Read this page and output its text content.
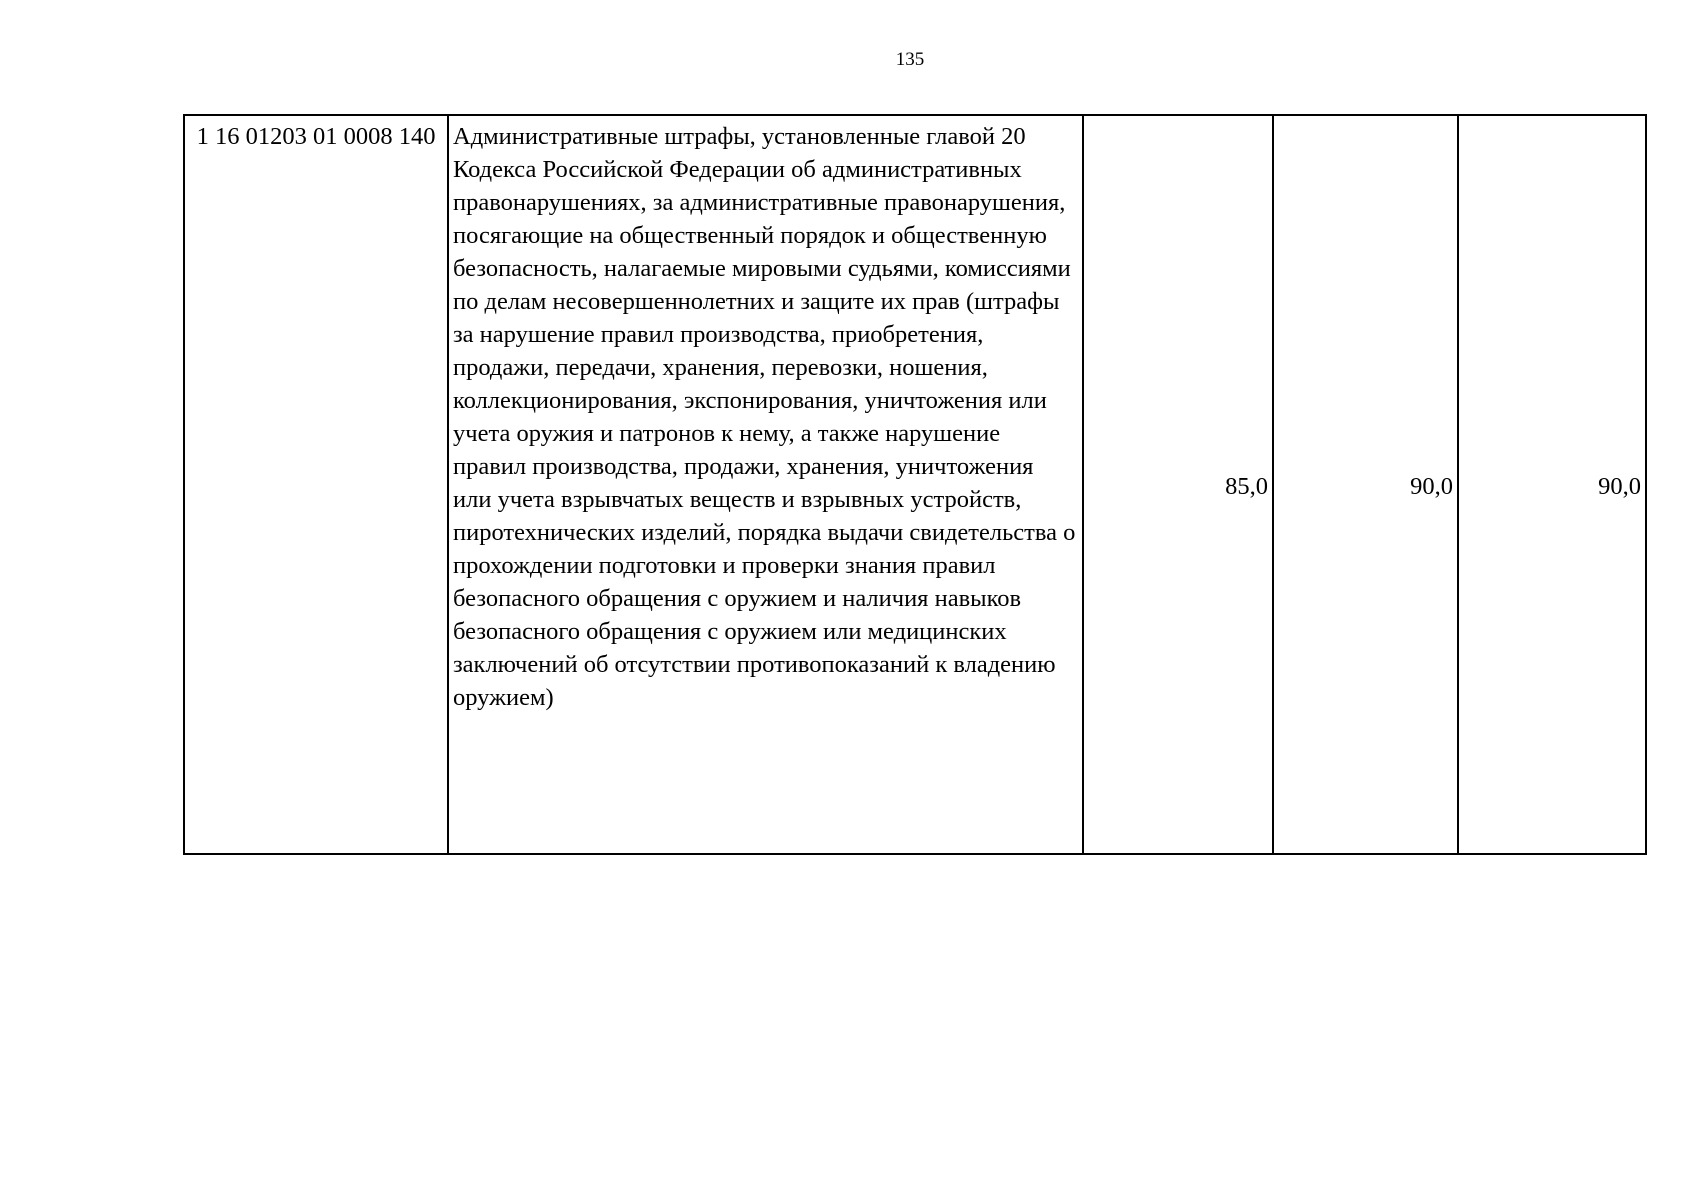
135
1 16 01203 01 0008 140	Административные штрафы, установленные главой 20 Кодекса Российской Федерации об административных правонарушениях, за административные правонарушения, посягающие на общественный порядок и общественную безопасность, налагаемые мировыми судьями, комиссиями по делам несовершеннолетних и защите их прав (штрафы за нарушение правил производства, приобретения, продажи, передачи, хранения, перевозки, ношения, коллекционирования, экспонирования, уничтожения или учета оружия и патронов к нему, а также нарушение правил производства, продажи, хранения, уничтожения или учета взрывчатых веществ и взрывных устройств, пиротехнических изделий, порядка выдачи свидетельства о прохождении подготовки и проверки знания правил безопасного обращения с оружием и наличия навыков безопасного обращения с оружием или медицинских заключений об отсутствии противопоказаний к владению оружием)	85,0	90,0	90,0
